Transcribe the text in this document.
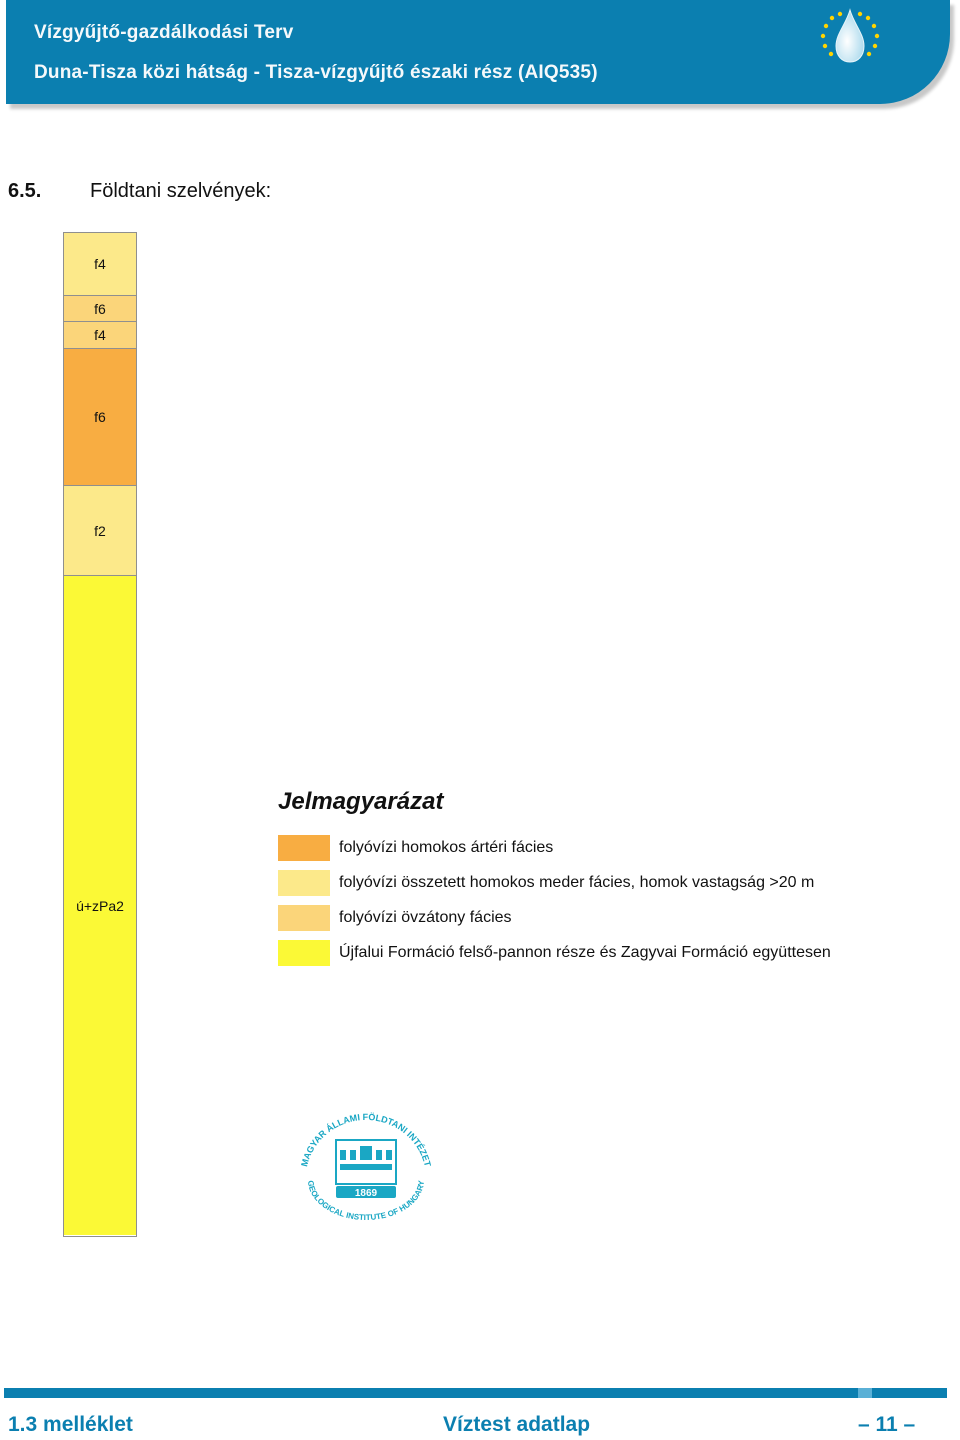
Vízgyűjtő-gazdálkodási Terv
Duna-Tisza közi hátság - Tisza-vízgyűjtő északi rész (AIQ535)
6.5. Földtani szelvények:
f4
f6
f4
f6
f2
ú+zPa2
Jelmagyarázat
folyóvízi homokos ártéri fácies
folyóvízi összetett homokos meder fácies, homok vastagság >20 m
folyóvízi övzátony fácies
Újfalui Formáció felső-pannon része és Zagyvai Formáció együttesen
MAGYAR ÁLLAMI FÖLDTANI INTÉZET
GEOLOGICAL INSTITUTE OF HUNGARY
1869
1.3 melléklet	Víztest adatlap	– 11 –
